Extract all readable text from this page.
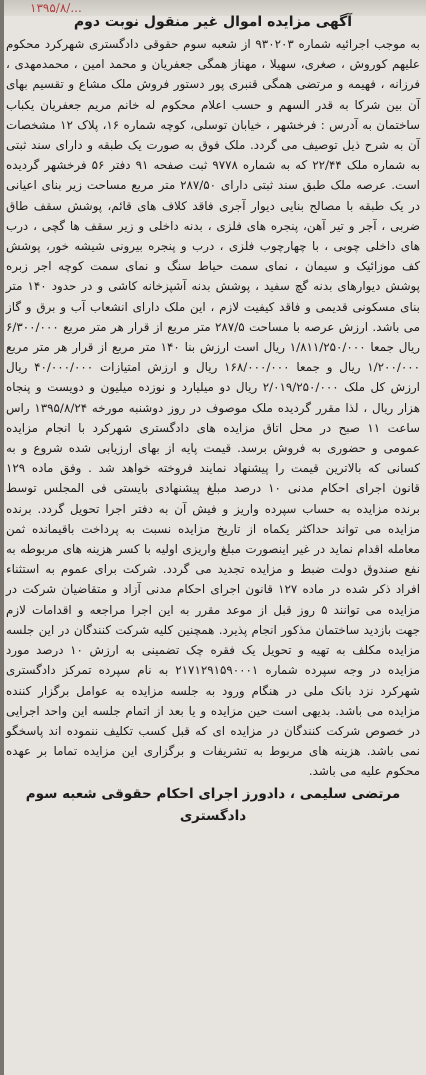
۱۳۹۵/۸/...
آگهی مزایده اموال غیر منقول نوبت دوم

به موجب اجرائیه شماره ۹۳۰۲۰۳ از شعبه سوم حقوقی دادگستری شهرکرد محکوم علیهم کوروش ، صغری، سهیلا ، مهناز همگی جعفریان و محمد امین ، محمدمهدی ، فرزانه ، فهیمه و مرتضی همگی قنبری پور دستور فروش ملک مشاع و تقسیم بهای آن بین شرکا به قدر السهم و حسب اعلام محکوم له خانم مریم جعفریان یکباب ساختمان به آدرس : فرخشهر ، خیابان توسلی، کوچه شماره ۱۶، پلاک ۱۲ مشخصات آن به شرح ذیل توصیف می گردد. ملک فوق به صورت یک طبقه و دارای سند ثبتی به شماره ملک ۲۲/۴۴ که به شماره ۹۷۷۸ ثبت صفحه ۹۱ دفتر ۵۶ فرخشهر گردیده است. عرصه ملک طبق سند ثبتی دارای ۲۸۷/۵۰ متر مربع مساحت زیر بنای اعیانی در یک طبقه با مصالح بنایی دیوار آجری فاقد کلاف های قائم، پوشش سقف طاق ضربی ، آجر و تیر آهن، پنجره های فلزی ، بدنه داخلی و زیر سقف ها گچی ، درب های داخلی چوبی ، با چهارچوب فلزی ، درب و پنجره بیرونی شیشه خور، پوشش کف موزائیک و سیمان ، نمای سمت حیاط سنگ و نمای سمت کوچه اجر زبره پوشش دیوارهای بدنه گچ سفید ، پوشش بدنه آشپزخانه کاشی و در حدود ۱۴۰ متر بنای مسکونی قدیمی و فاقد کیفیت لازم ، این ملک دارای انشعاب آب و برق و گاز می باشد. ارزش عرصه با مساحت ۲۸۷/۵ متر مربع از قرار هر متر مربع ۶/۳۰۰/۰۰۰ ریال جمعا ۱/۸۱۱/۲۵۰/۰۰۰ ریال است ارزش بنا ۱۴۰ متر مربع از قرار هر متر مربع ۱/۲۰۰/۰۰۰ ریال و جمعا ۱۶۸/۰۰۰/۰۰۰ ریال و ارزش امتیازات ۴۰/۰۰۰/۰۰۰ ریال ارزش کل ملک ۲/۰۱۹/۲۵۰/۰۰۰ ریال دو میلیارد و نوزده میلیون و دویست و پنجاه هزار ریال ، لذا مقرر گردیده ملک موصوف در روز دوشنبه مورخه ۱۳۹۵/۸/۲۴ راس ساعت ۱۱ صبح در محل اتاق مزایده های دادگستری شهرکرد با انجام مزایده عمومی و حضوری به فروش برسد. قیمت پایه از بهای ارزیابی شده شروع و به کسانی که بالاترین قیمت را پیشنهاد نمایند فروخته خواهد شد . وفق ماده ۱۲۹ قانون اجرای احکام مدنی ۱۰ درصد مبلغ پیشنهادی بایستی فی المجلس توسط برنده مزایده به حساب سپرده واریز و فیش آن به دفتر اجرا تحویل گردد. برنده مزایده می تواند حداکثر یکماه از تاریخ مزایده نسبت به پرداخت باقیمانده ثمن معامله اقدام نماید در غیر اینصورت مبلغ واریزی اولیه با کسر هزینه های مربوطه به نفع صندوق دولت ضبط و مزایده تجدید می گردد. شرکت برای عموم به استثناء افراد ذکر شده در ماده ۱۲۷ قانون اجرای احکام مدنی آزاد و متقاضیان شرکت در مزایده می توانند ۵ روز قبل از موعد مقرر به این اجرا مراجعه و اقدامات لازم جهت بازدید ساختمان مذکور انجام پذیرد. همچنین کلیه شرکت کنندگان در این جلسه مزایده مکلف به تهیه و تحویل یک فقره چک تضمینی به ارزش ۱۰ درصد مورد مزایده در وجه سپرده شماره ۲۱۷۱۲۹۱۵۹۰۰۰۱ به نام سپرده تمرکز دادگستری شهرکرد نزد بانک ملی در هنگام ورود به جلسه مزایده به عوامل برگزار کننده مزایده می باشد. بدیهی است حین مزایده و یا بعد از اتمام جلسه این واحد اجرایی در خصوص شرکت کنندگان در مزایده ای که قبل کسب تکلیف ننموده اند پاسخگو نمی باشد. هزینه های مربوط به تشریفات و برگزاری این مزایده تماما بر عهده محکوم علیه می باشد.

مرتضی سلیمی ، دادورز اجرای احکام حقوقی شعبه سوم دادگستری
